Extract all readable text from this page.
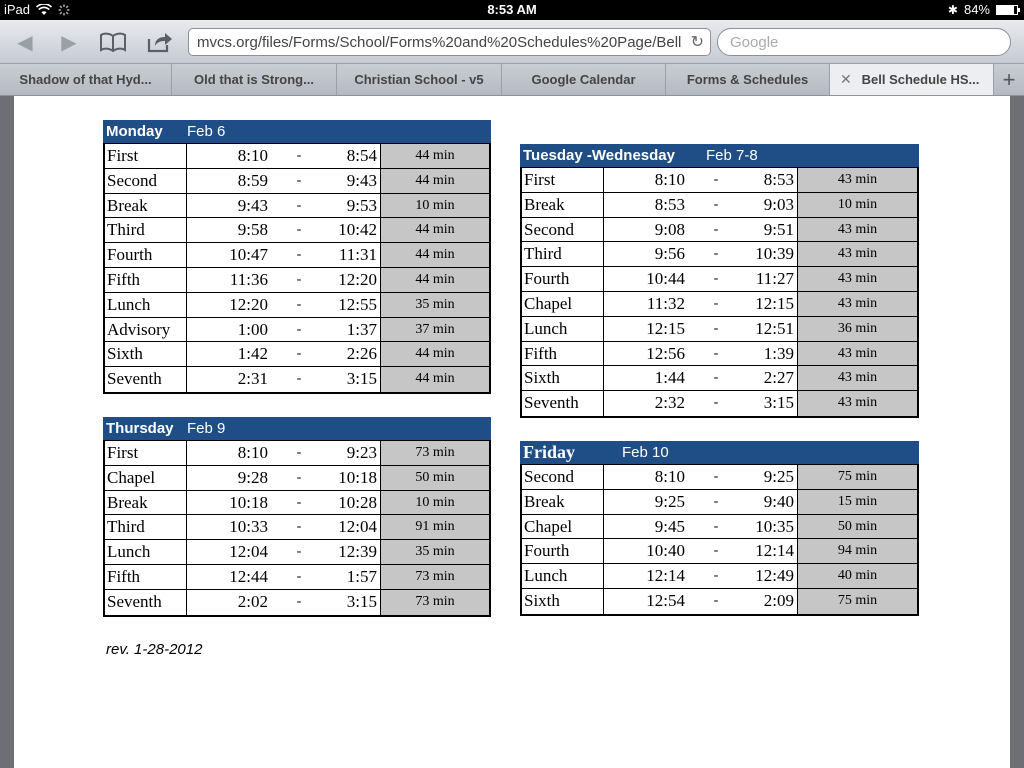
iPad	8:53 AM	✱ 84%
◀	▶	mvcs.org/files/Forms/School/Forms%20and%20Schedules%20Page/Bell ↻	Google
Shadow of that Hyd...	Old that is Strong...	Christian School - v5	Google Calendar	Forms & Schedules ✕ Bell Schedule HS...	+
Monday	Feb 6
First	8:10	-	8:54	44 min
Second	8:59	-	9:43	44 min
Break	9:43	-	9:53	10 min
Third	9:58	-	10:42	44 min
Fourth	10:47	-	11:31	44 min
Fifth	11:36	-	12:20	44 min
Lunch	12:20	-	12:55	35 min
Advisory	1:00	-	1:37	37 min
Sixth	1:42	-	2:26	44 min
Seventh	2:31	-	3:15	44 min
Tuesday -Wednesday	Feb 7-8
First	8:10	-	8:53	43 min
Break	8:53	-	9:03	10 min
Second	9:08	-	9:51	43 min
Third	9:56	-	10:39	43 min
Fourth	10:44	-	11:27	43 min
Chapel	11:32	-	12:15	43 min
Lunch	12:15	-	12:51	36 min
Fifth	12:56	-	1:39	43 min
Sixth	1:44	-	2:27	43 min
Seventh	2:32	-	3:15	43 min
Thursday Feb 9
First	8:10	-	9:23	73 min
Chapel	9:28	-	10:18	50 min
Break	10:18	-	10:28	10 min
Third	10:33	-	12:04	91 min
Lunch	12:04	-	12:39	35 min
Fifth	12:44	-	1:57	73 min
Seventh	2:02	-	3:15	73 min
Friday	Feb 10
Second	8:10	-	9:25	75 min
Break	9:25	-	9:40	15 min
Chapel	9:45	-	10:35	50 min
Fourth	10:40	-	12:14	94 min
Lunch	12:14	-	12:49	40 min
Sixth	12:54	-	2:09	75 min
rev. 1-28-2012
